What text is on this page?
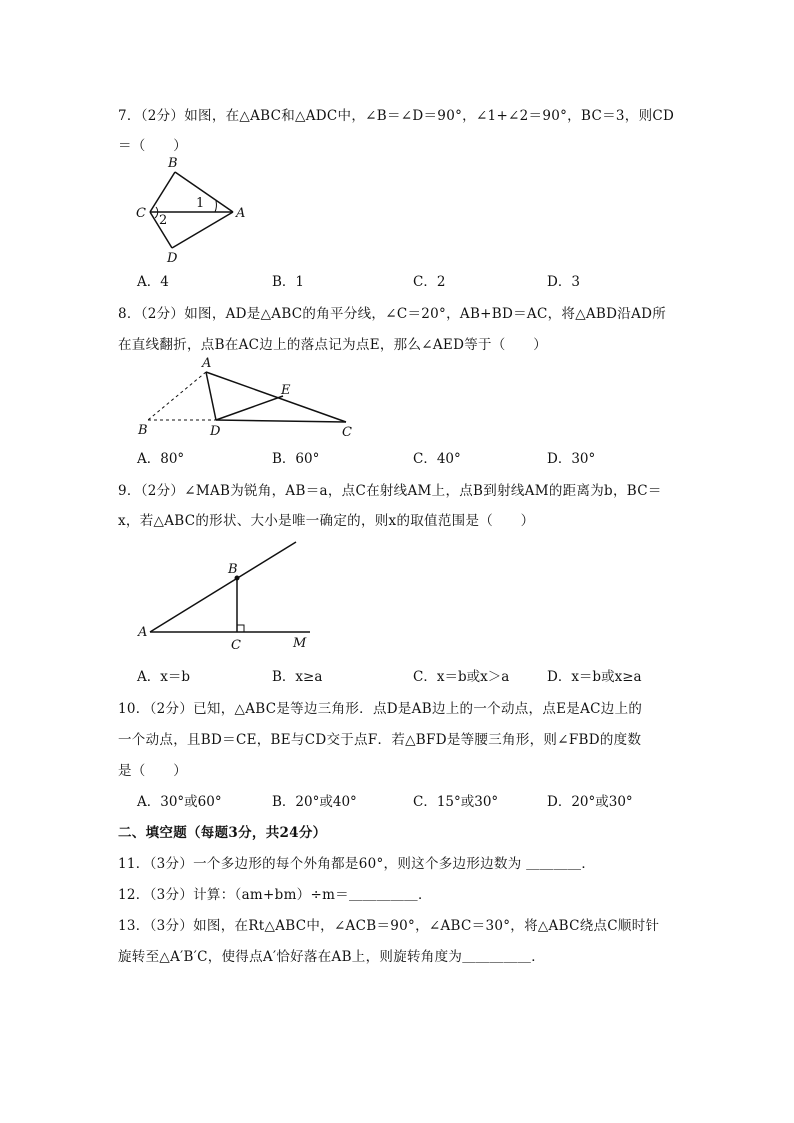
7．（2分）如图，在△ABC和△ADC中，∠B＝∠D＝90°，∠1+∠2＝90°，BC＝3，则CD
＝（　　）
B
C
D
A
1
2
A．4	B．1	C．2	D．3
8．（2分）如图，AD是△ABC的角平分线，∠C＝20°，AB+BD＝AC，将△ABD沿AD所
在直线翻折，点B在AC边上的落点记为点E，那么∠AED等于（　　）
A
E
B	D	C
A．80°	B．60°	C．40°	D．30°
9．（2分）∠MAB为锐角，AB＝a，点C在射线AM上，点B到射线AM的距离为b，BC＝
x，若△ABC的形状、大小是唯一确定的，则x的取值范围是（　　）
B
A
C	M
A．x＝b	B．x≥a	C．x＝b或x＞a	D．x＝b或x≥a
10．（2分）已知，△ABC是等边三角形．点D是AB边上的一个动点，点E是AC边上的
一个动点，且BD＝CE，BE与CD交于点F．若△BFD是等腰三角形，则∠FBD的度数
是（　　）
A．30°或60°	B．20°或40°	C．15°或30°	D．20°或30°
二、填空题（每题3分，共24分）
11．（3分）一个多边形的每个外角都是60°，则这个多边形边数为 ＿＿＿＿．
12．（3分）计算：（am+bm）÷m＝＿＿＿＿＿．
13．（3分）如图，在Rt△ABC中，∠ACB＝90°，∠ABC＝30°，将△ABC绕点C顺时针
旋转至△A′B′C，使得点A′恰好落在AB上，则旋转角度为＿＿＿＿＿．
